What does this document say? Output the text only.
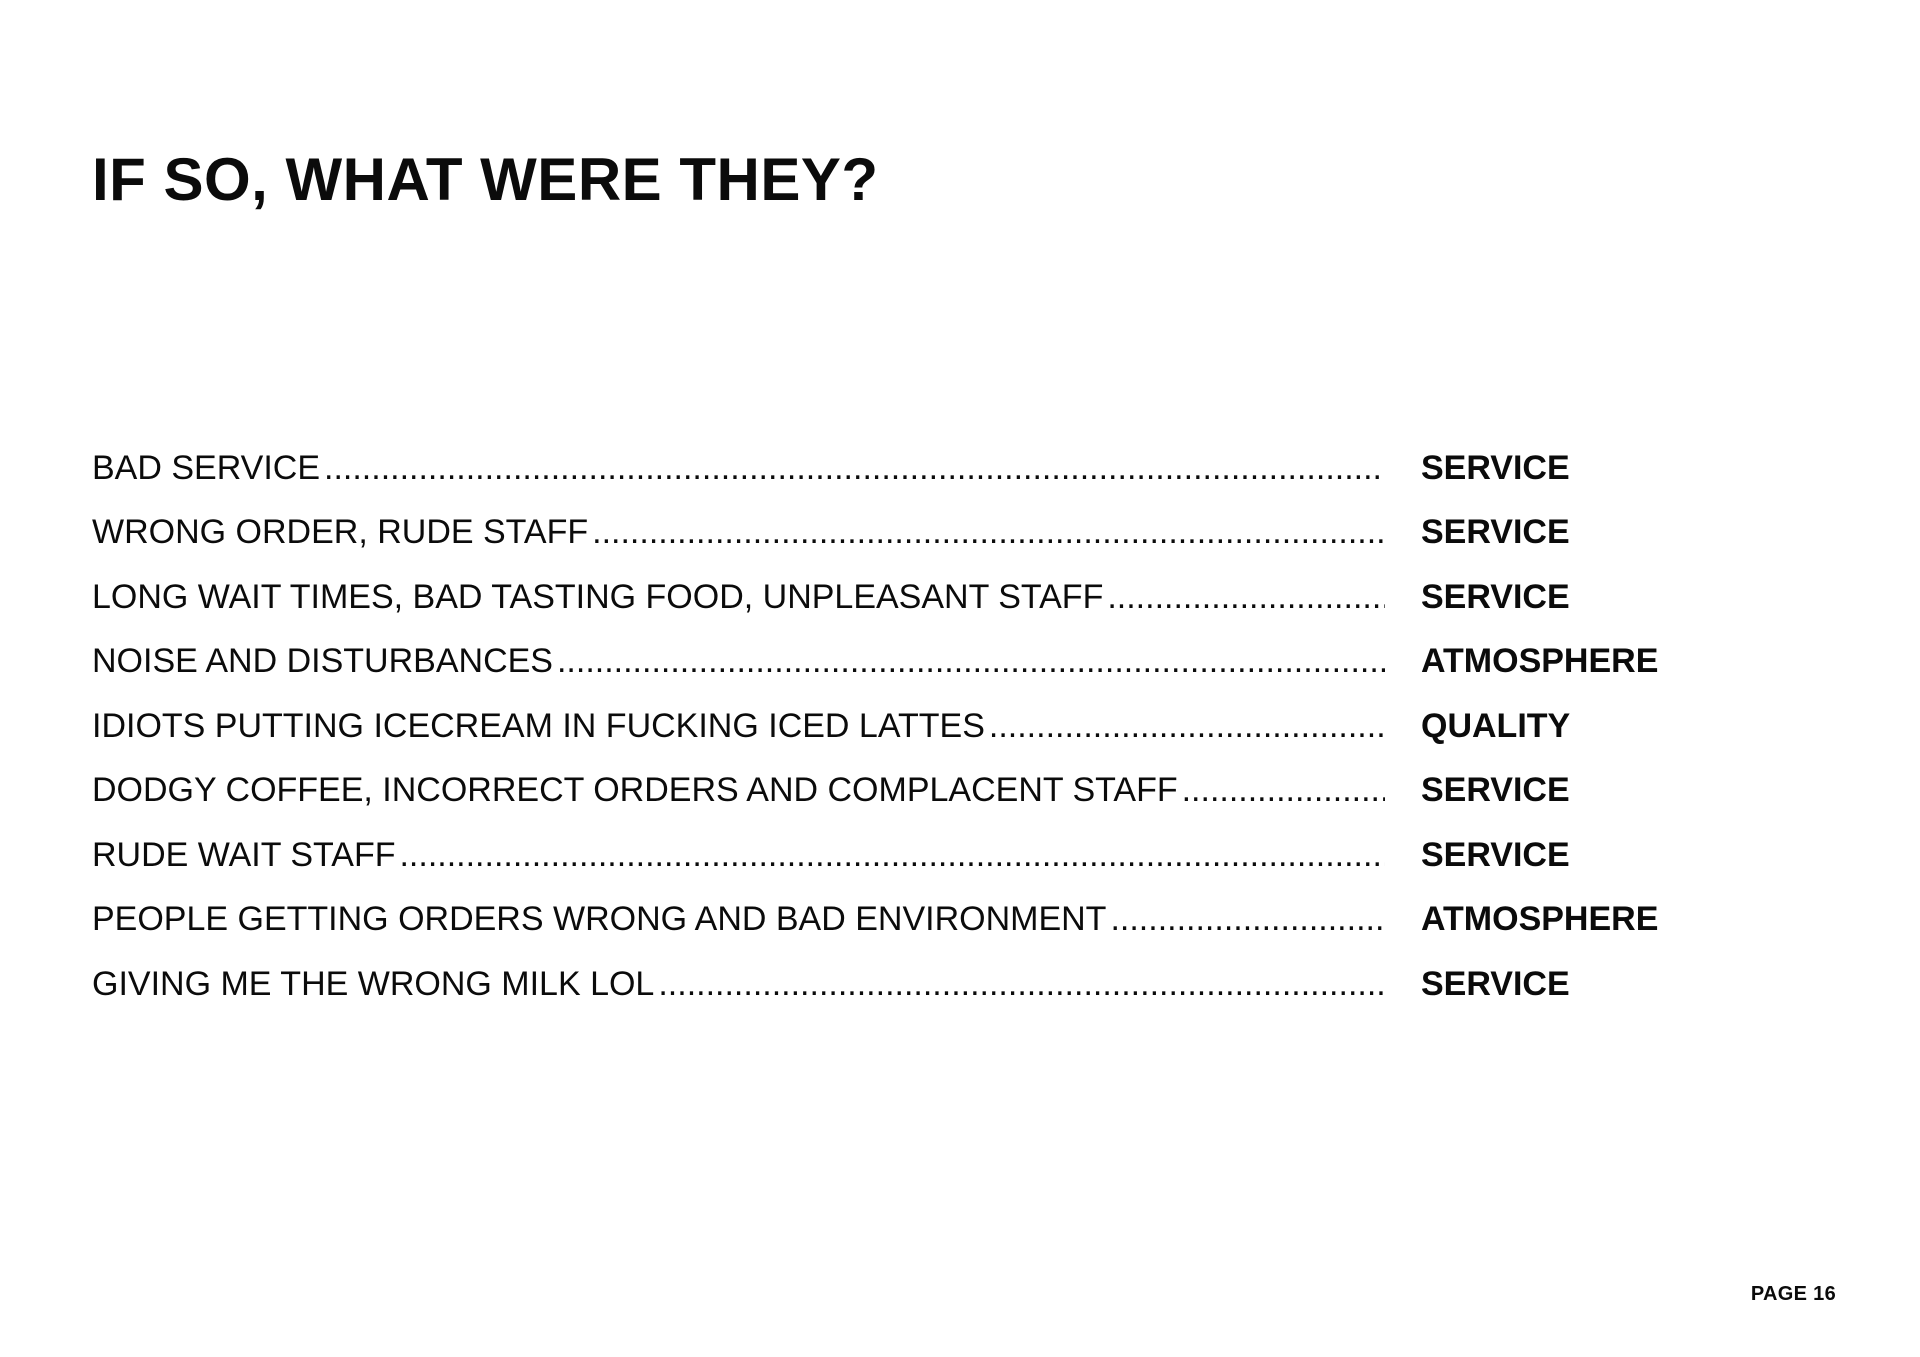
IF SO, WHAT WERE THEY?
BAD SERVICE .....	SERVICE
WRONG ORDER, RUDE STAFF .....	SERVICE
LONG WAIT TIMES, BAD TASTING FOOD, UNPLEASANT STAFF .....	SERVICE
NOISE AND DISTURBANCES .....	ATMOSPHERE
IDIOTS PUTTING ICECREAM IN FUCKING ICED LATTES .....	QUALITY
DODGY COFFEE, INCORRECT ORDERS AND COMPLACENT STAFF .....	SERVICE
RUDE WAIT STAFF .....	SERVICE
PEOPLE GETTING ORDERS WRONG AND BAD ENVIRONMENT .....	ATMOSPHERE
GIVING ME THE WRONG MILK LOL .....	SERVICE
PAGE 16
